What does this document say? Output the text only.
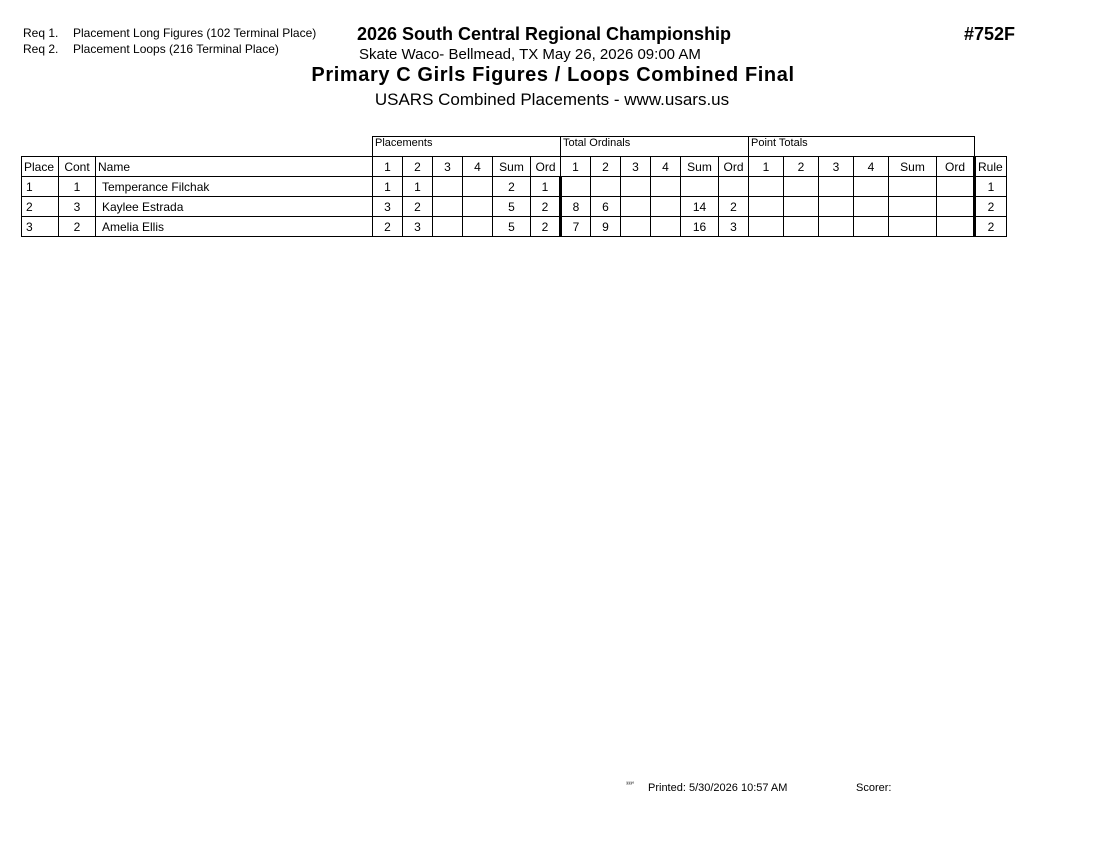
Req 1. Placement Long Figures (102 Terminal Place)
Req 2. Placement Loops (216 Terminal Place)
2026 South Central Regional Championship
Skate Waco- Bellmead, TX May 26, 2026 09:00 AM
Primary C Girls Figures / Loops Combined Final
USARS Combined Placements - www.usars.us
#752F
			Placements						Total Ordinals						Point Totals						
Place	Cont	Name	1	2	3	4	Sum	Ord	1	2	3	4	Sum	Ord	1	2	3	4	Sum	Ord	Rule
1	1	Temperance Filchak	1	1			2	1													1
2	3	Kaylee Estrada	3	2			5	2	8	6			14	2							2
3	2	Amelia Ellis	2	3			5	2	7	9			16	3							2
³³³° Printed: 5/30/2026 10:57 AM	Scorer:
